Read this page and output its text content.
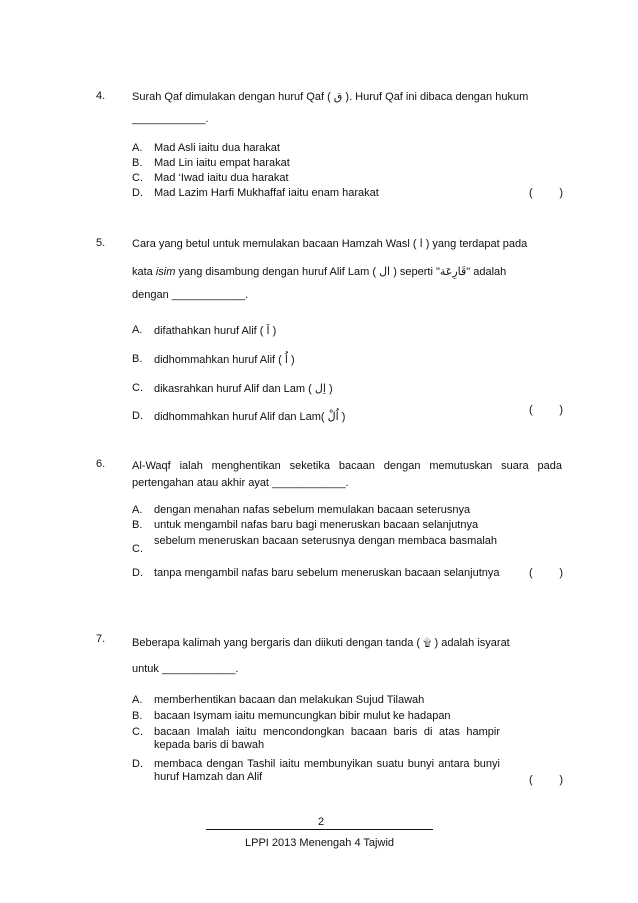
4. Surah Qaf dimulakan dengan huruf Qaf ( ق ). Huruf Qaf ini dibaca dengan hukum
____________.
A.	Mad Asli iaitu dua harakat
B.	Mad Lin iaitu empat harakat
C.	Mad ‘Iwad iaitu dua harakat
D.	Mad Lazim Harfi Mukhaffaf iaitu enam harakat	( )
5. Cara yang betul untuk memulakan bacaan Hamzah Wasl ( ا ) yang terdapat pada
kata isim yang disambung dengan huruf Alif Lam ( ال ) seperti "قَارِعَة" adalah
dengan ____________.
A.	difathahkan huruf Alif ( اَ )
B.	didhommahkan huruf Alif ( اُ )
C.	dikasrahkan huruf Alif dan Lam ( اِل )
D.	didhommahkan huruf Alif dan Lam( اُلْ )
( )
6. Al-Waqf ialah menghentikan seketika bacaan dengan memutuskan suara pada pertengahan atau akhir ayat ____________.
A.	dengan menahan nafas sebelum memulakan bacaan seterusnya
B.	untuk mengambil nafas baru bagi meneruskan bacaan selanjutnya
C.
sebelum meneruskan bacaan seterusnya dengan membaca basmalah
D.	tanpa mengambil nafas baru sebelum meneruskan bacaan selanjutnya	( )
7. Beberapa kalimah yang bergaris dan diikuti dengan tanda ( ۩ ) adalah isyarat
untuk ____________.
A.	memberhentikan bacaan dan melakukan Sujud Tilawah
B.	bacaan Isymam iaitu memuncungkan bibir mulut ke hadapan
C.	bacaan Imalah iaitu mencondongkan bacaan baris di atas hampir kepada baris di bawah
D.	membaca dengan Tashil iaitu membunyikan suatu bunyi antara bunyi huruf Hamzah dan Alif	( )
2
LPPI 2013 Menengah 4 Tajwid
